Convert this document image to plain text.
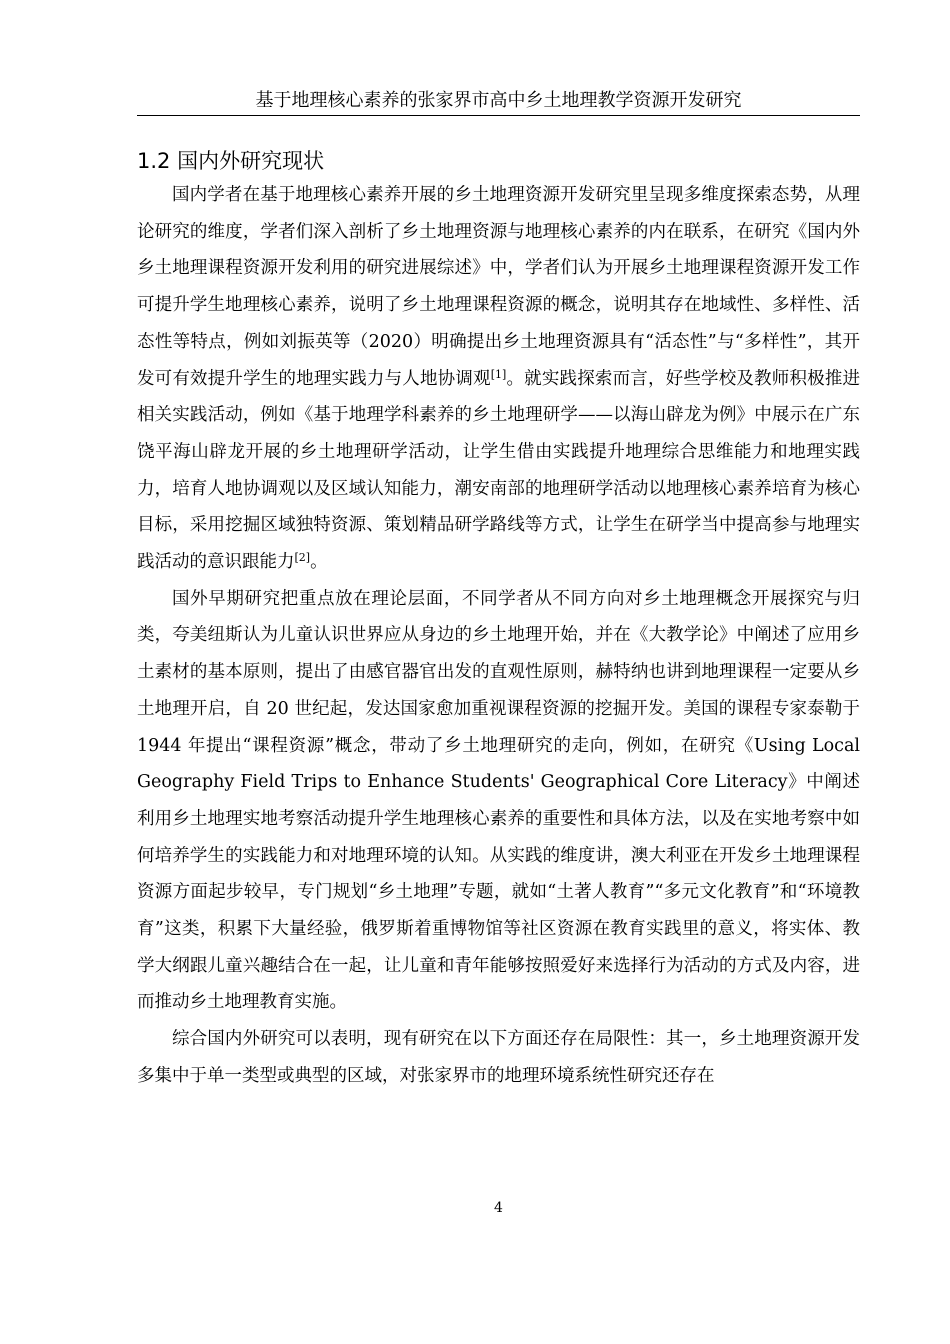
基于地理核心素养的张家界市高中乡土地理教学资源开发研究
1.2 国内外研究现状

国内学者在基于地理核心素养开展的乡土地理资源开发研究里呈现多维度探索态势，从理论研究的维度，学者们深入剖析了乡土地理资源与地理核心素养的内在联系，在研究《国内外乡土地理课程资源开发利用的研究进展综述》中，学者们认为开展乡土地理课程资源开发工作可提升学生地理核心素养，说明了乡土地理课程资源的概念，说明其存在地域性、多样性、活态性等特点，例如刘振英等（2020）明确提出乡土地理资源具有“活态性”与“多样性”，其开发可有效提升学生的地理实践力与人地协调观[1]。就实践探索而言，好些学校及教师积极推进相关实践活动，例如《基于地理学科素养的乡土地理研学——以海山辟龙为例》中展示在广东饶平海山辟龙开展的乡土地理研学活动，让学生借由实践提升地理综合思维能力和地理实践力，培育人地协调观以及区域认知能力，潮安南部的地理研学活动以地理核心素养培育为核心目标，采用挖掘区域独特资源、策划精品研学路线等方式，让学生在研学当中提高参与地理实践活动的意识跟能力[2]。

国外早期研究把重点放在理论层面，不同学者从不同方向对乡土地理概念开展探究与归类，夸美纽斯认为儿童认识世界应从身边的乡土地理开始，并在《大教学论》中阐述了应用乡土素材的基本原则，提出了由感官器官出发的直观性原则，赫特纳也讲到地理课程一定要从乡土地理开启，自 20 世纪起，发达国家愈加重视课程资源的挖掘开发。美国的课程专家泰勒于 1944 年提出“课程资源”概念，带动了乡土地理研究的走向，例如，在研究《Using Local Geography Field Trips to Enhance Students' Geographical Core Literacy》中阐述利用乡土地理实地考察活动提升学生地理核心素养的重要性和具体方法，以及在实地考察中如何培养学生的实践能力和对地理环境的认知。从实践的维度讲，澳大利亚在开发乡土地理课程资源方面起步较早，专门规划“乡土地理”专题，就如“土著人教育”“多元文化教育”和“环境教育”这类，积累下大量经验，俄罗斯着重博物馆等社区资源在教育实践里的意义，将实体、教学大纲跟儿童兴趣结合在一起，让儿童和青年能够按照爱好来选择行为活动的方式及内容，进而推动乡土地理教育实施。

综合国内外研究可以表明，现有研究在以下方面还存在局限性：其一，乡土地理资源开发多集中于单一类型或典型的区域，对张家界市的地理环境系统性研究还存在

4
